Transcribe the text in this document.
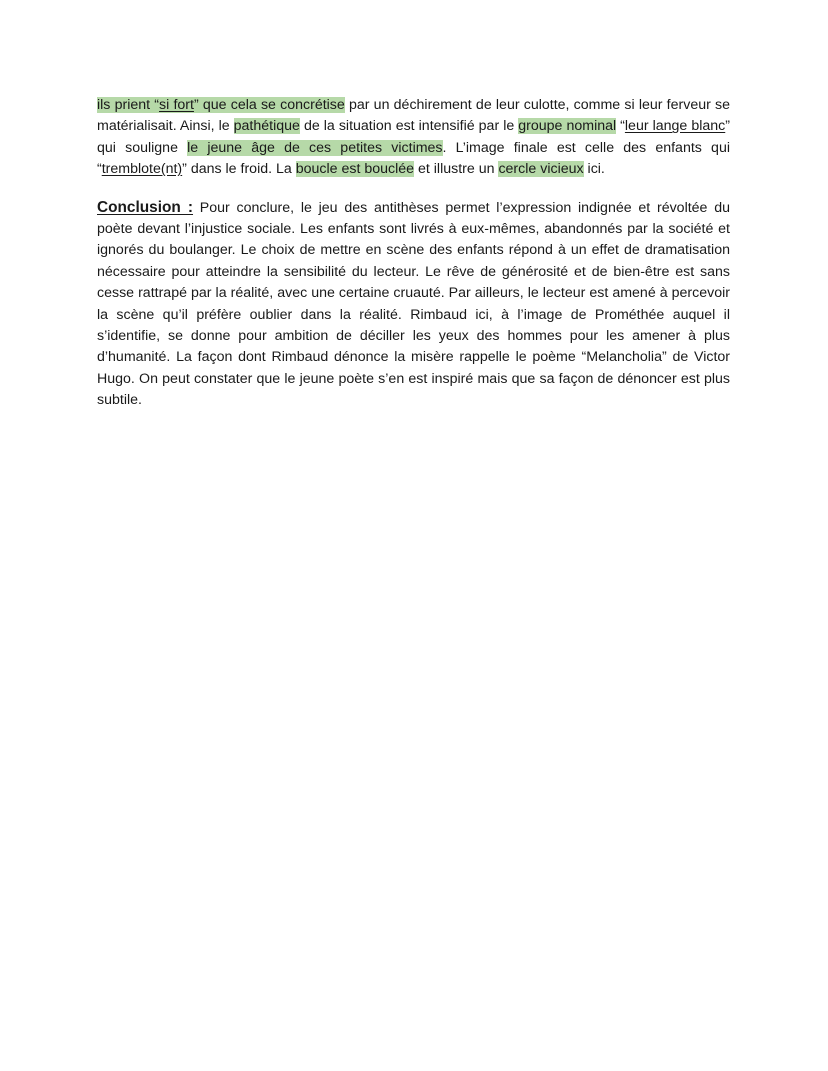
ils prient “si fort” que cela se concrétise par un déchirement de leur culotte, comme si leur ferveur se matérialisait. Ainsi, le pathétique de la situation est intensifié par le groupe nominal “leur lange blanc” qui souligne le jeune âge de ces petites victimes. L’image finale est celle des enfants qui “tremblote(nt)” dans le froid. La boucle est bouclée et illustre un cercle vicieux ici.

Conclusion : Pour conclure, le jeu des antithèses permet l’expression indignée et révoltée du poète devant l’injustice sociale. Les enfants sont livrés à eux-mêmes, abandonnés par la société et ignorés du boulanger. Le choix de mettre en scène des enfants répond à un effet de dramatisation nécessaire pour atteindre la sensibilité du lecteur. Le rêve de générosité et de bien-être est sans cesse rattrapé par la réalité, avec une certaine cruauté. Par ailleurs, le lecteur est amené à percevoir la scène qu’il préfère oublier dans la réalité. Rimbaud ici, à l’image de Prométhée auquel il s’identifie, se donne pour ambition de déciller les yeux des hommes pour les amener à plus d’humanité. La façon dont Rimbaud dénonce la misère rappelle le poème “Melancholia” de Victor Hugo. On peut constater que le jeune poète s’en est inspiré mais que sa façon de dénoncer est plus subtile.
